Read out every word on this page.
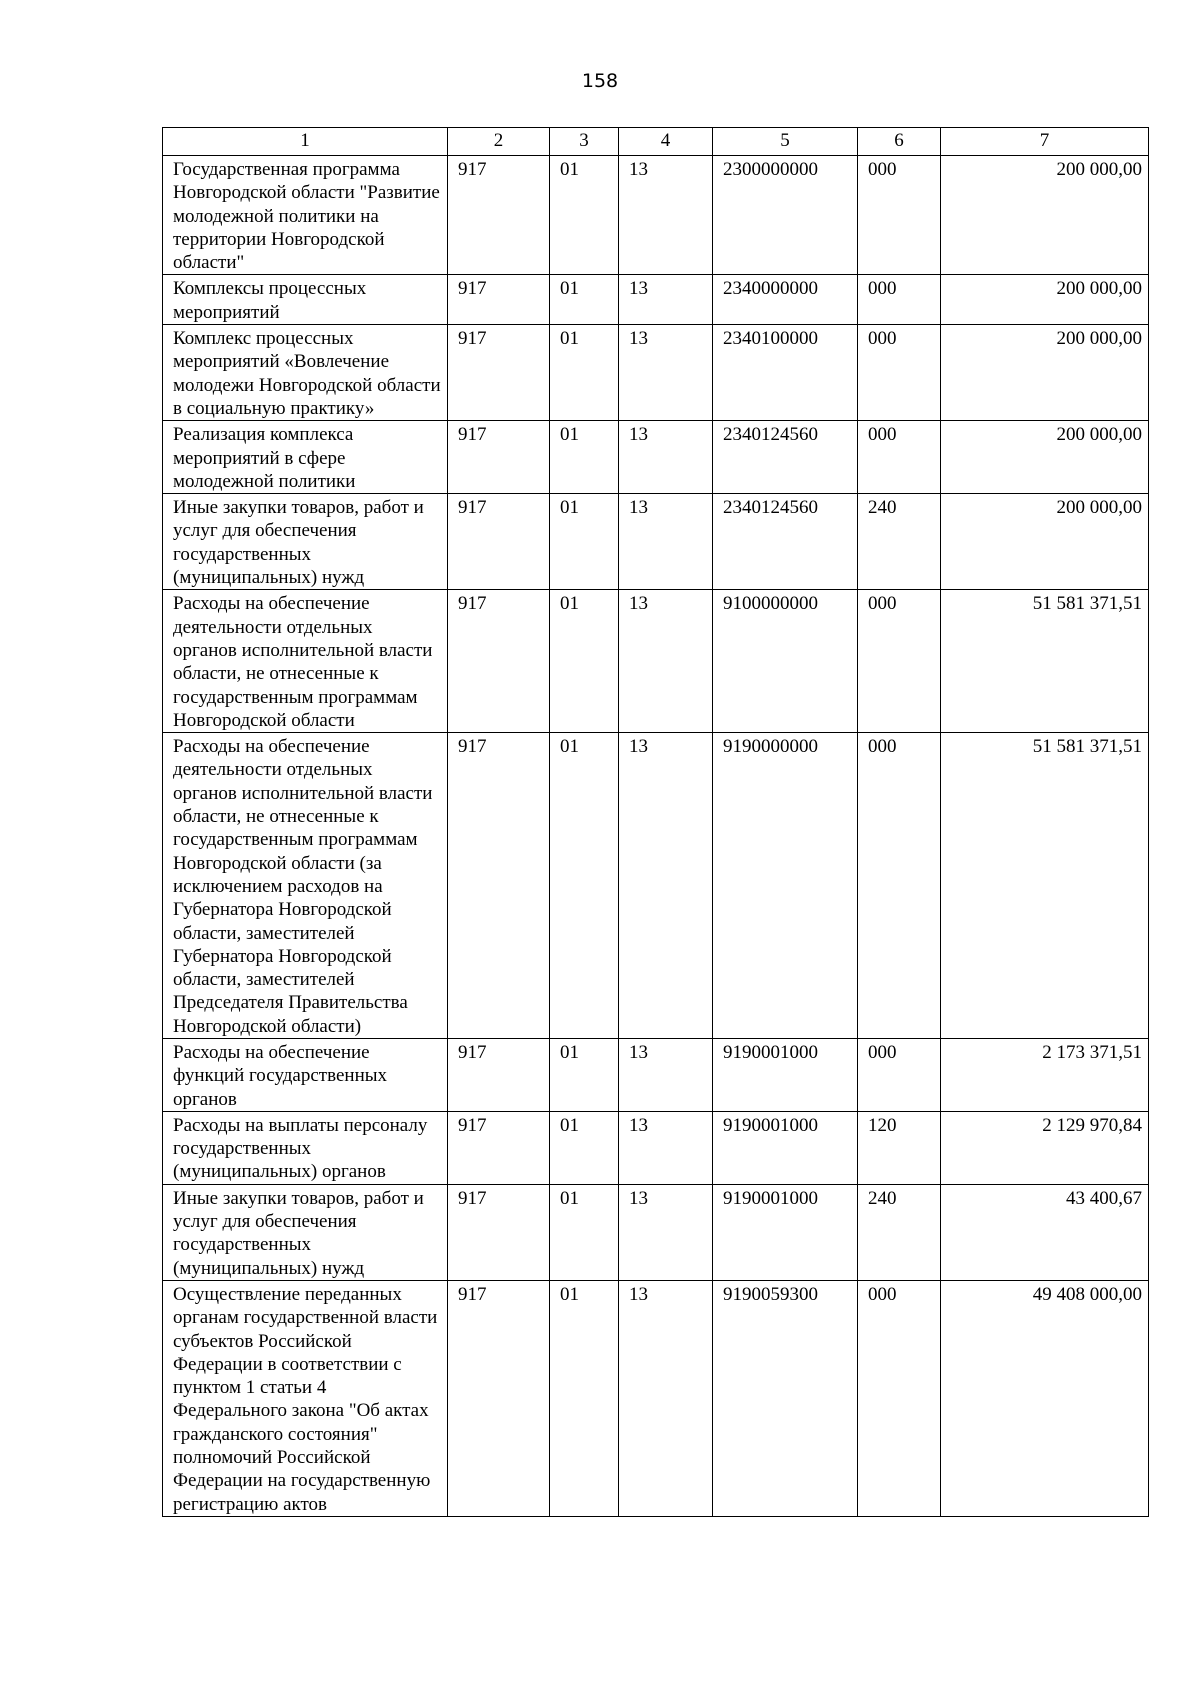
158
1	2	3	4	5	6	7
Государственная программа Новгородской области "Развитие молодежной политики на территории Новгородской области"	917	01	13	2300000000	000	200 000,00
Комплексы процессных мероприятий	917	01	13	2340000000	000	200 000,00
Комплекс процессных мероприятий «Вовлечение молодежи Новгородской области в социальную практику»	917	01	13	2340100000	000	200 000,00
Реализация комплекса мероприятий в сфере молодежной политики	917	01	13	2340124560	000	200 000,00
Иные закупки товаров, работ и услуг для обеспечения государственных (муниципальных) нужд	917	01	13	2340124560	240	200 000,00
Расходы на обеспечение деятельности отдельных органов исполнительной власти области, не отнесенные к государственным программам Новгородской области	917	01	13	9100000000	000	51 581 371,51
Расходы на обеспечение деятельности отдельных органов исполнительной власти области, не отнесенные к государственным программам Новгородской области (за исключением расходов на Губернатора Новгородской области, заместителей Губернатора Новгородской области, заместителей Председателя Правительства Новгородской области)	917	01	13	9190000000	000	51 581 371,51
Расходы на обеспечение функций государственных органов	917	01	13	9190001000	000	2 173 371,51
Расходы на выплаты персоналу государственных (муниципальных) органов	917	01	13	9190001000	120	2 129 970,84
Иные закупки товаров, работ и услуг для обеспечения государственных (муниципальных) нужд	917	01	13	9190001000	240	43 400,67
Осуществление переданных органам государственной власти субъектов Российской Федерации в соответствии с пунктом 1 статьи 4 Федерального закона "Об актах гражданского состояния" полномочий Российской Федерации на государственную регистрацию актов	917	01	13	9190059300	000	49 408 000,00
